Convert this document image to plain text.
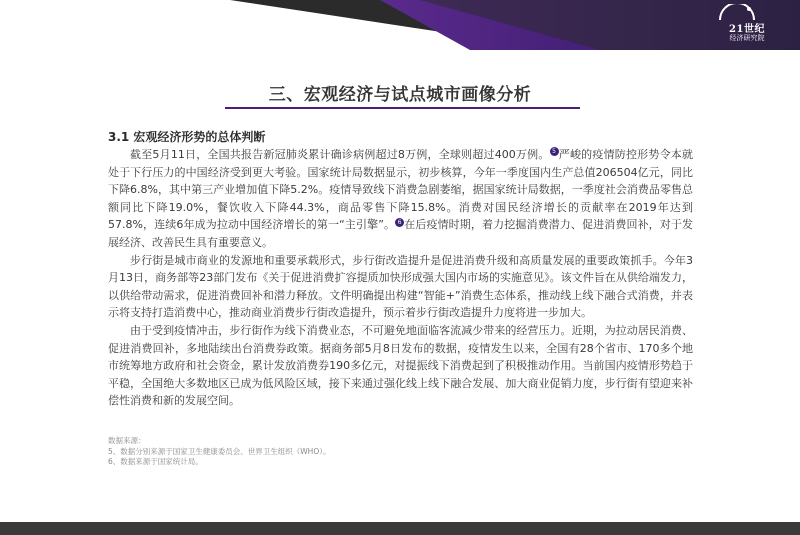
21世纪
经济研究院
三、宏观经济与试点城市画像分析
3.1 宏观经济形势的总体判断

截至5月11日，全国共报告新冠肺炎累计确诊病例超过8万例，全球则超过400万例。 5 严峻的疫情防控形势令本就处于下行压力的中国经济受到更大考验。国家统计局数据显示，初步核算，今年一季度国内生产总值206504亿元，同比下降6.8%，其中第三产业增加值下降5.2%。疫情导致线下消费急剧萎缩，据国家统计局数据，一季度社会消费品零售总额同比下降19.0%，餐饮收入下降44.3%，商品零售下降15.8%。消费对国民经济增长的贡献率在2019年达到57.8%，连续6年成为拉动中国经济增长的第一“主引擎”。 6 在后疫情时期，着力挖掘消费潜力、促进消费回补，对于发展经济、改善民生具有重要意义。

步行街是城市商业的发源地和重要承载形式，步行街改造提升是促进消费升级和高质量发展的重要政策抓手。今年3月13日，商务部等23部门发布《关于促进消费扩容提质加快形成强大国内市场的实施意见》。该文件旨在从供给端发力，以供给带动需求，促进消费回补和潜力释放。文件明确提出构建“智能+”消费生态体系，推动线上线下融合式消费，并表示将支持打造消费中心，推动商业消费步行街改造提升，预示着步行街改造提升力度将进一步加大。

由于受到疫情冲击，步行街作为线下消费业态，不可避免地面临客流减少带来的经营压力。近期，为拉动居民消费、促进消费回补，多地陆续出台消费券政策。据商务部5月8日发布的数据，疫情发生以来，全国有28个省市、170多个地市统筹地方政府和社会资金，累计发放消费券190多亿元，对提振线下消费起到了积极推动作用。当前国内疫情形势趋于平稳，全国绝大多数地区已成为低风险区域，接下来通过强化线上线下融合发展、加大商业促销力度，步行街有望迎来补偿性消费和新的发展空间。

数据来源：
5、数据分别来源于国家卫生健康委员会、世界卫生组织（WHO）。
6、数据来源于国家统计局。
